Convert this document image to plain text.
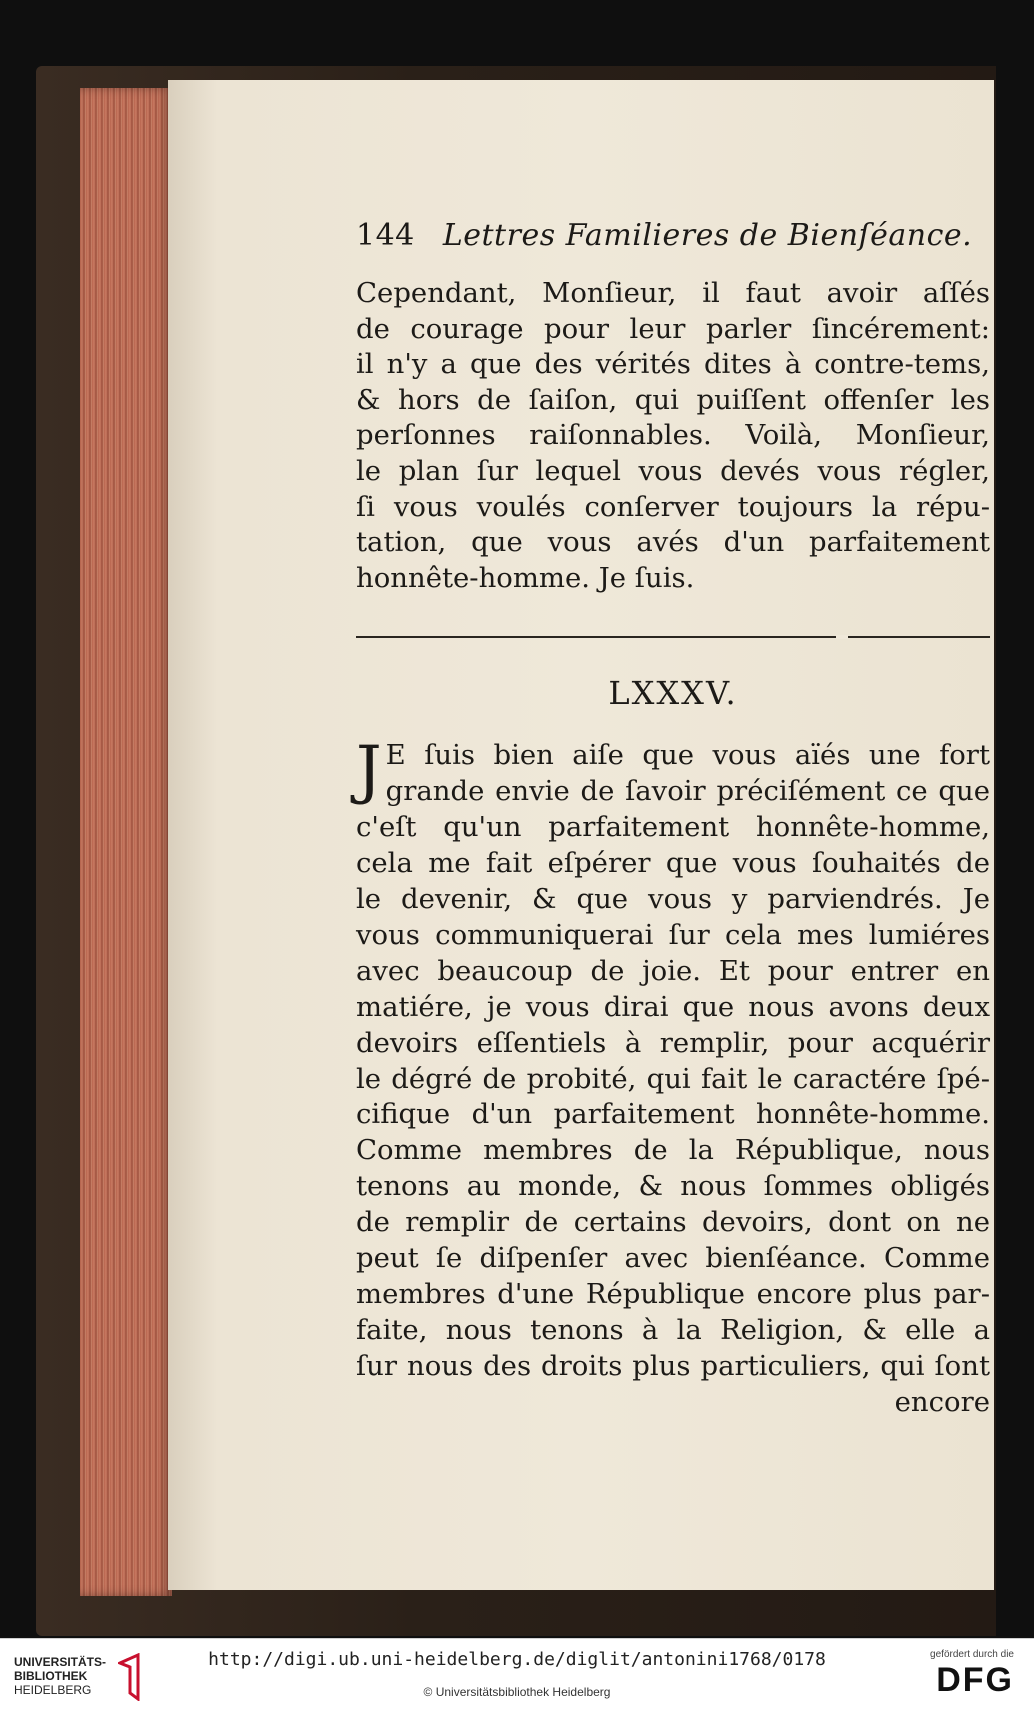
144 Lettres Familieres de Bienſéance.
Cependant, Monſieur, il faut avoir aſſés
de courage pour leur parler ſincérement:
il n'y a que des vérités dites à contre-tems,
& hors de ſaiſon, qui puiſſent offenſer les
perſonnes raiſonnables. Voilà, Monſieur,
le plan ſur lequel vous devés vous régler,
ſi vous voulés conſerver toujours la répu-
tation, que vous avés d'un parfaitement
honnête-homme. Je ſuis.
LXXXV.
J E ſuis bien aiſe que vous aïés une fort
grande envie de ſavoir préciſément ce que
c'eſt qu'un parfaitement honnête-homme,
cela me fait eſpérer que vous ſouhaités de
le devenir, & que vous y parviendrés. Je
vous communiquerai ſur cela mes lumiéres
avec beaucoup de joie. Et pour entrer en
matiére, je vous dirai que nous avons deux
devoirs eſſentiels à remplir, pour acquérir
le dégré de probité, qui fait le caractére ſpé-
cifique d'un parfaitement honnête-homme.
Comme membres de la République, nous
tenons au monde, & nous ſommes obligés
de remplir de certains devoirs, dont on ne
peut ſe diſpenſer avec bienſéance. Comme
membres d'une République encore plus par-
faite, nous tenons à la Religion, & elle a
ſur nous des droits plus particuliers, qui ſont
encore
UNIVERSITÄTS-
BIBLIOTHEK
HEIDELBERG
http://digi.ub.uni-heidelberg.de/diglit/antonini1768/0178
© Universitätsbibliothek Heidelberg
gefördert durch die
DFG
